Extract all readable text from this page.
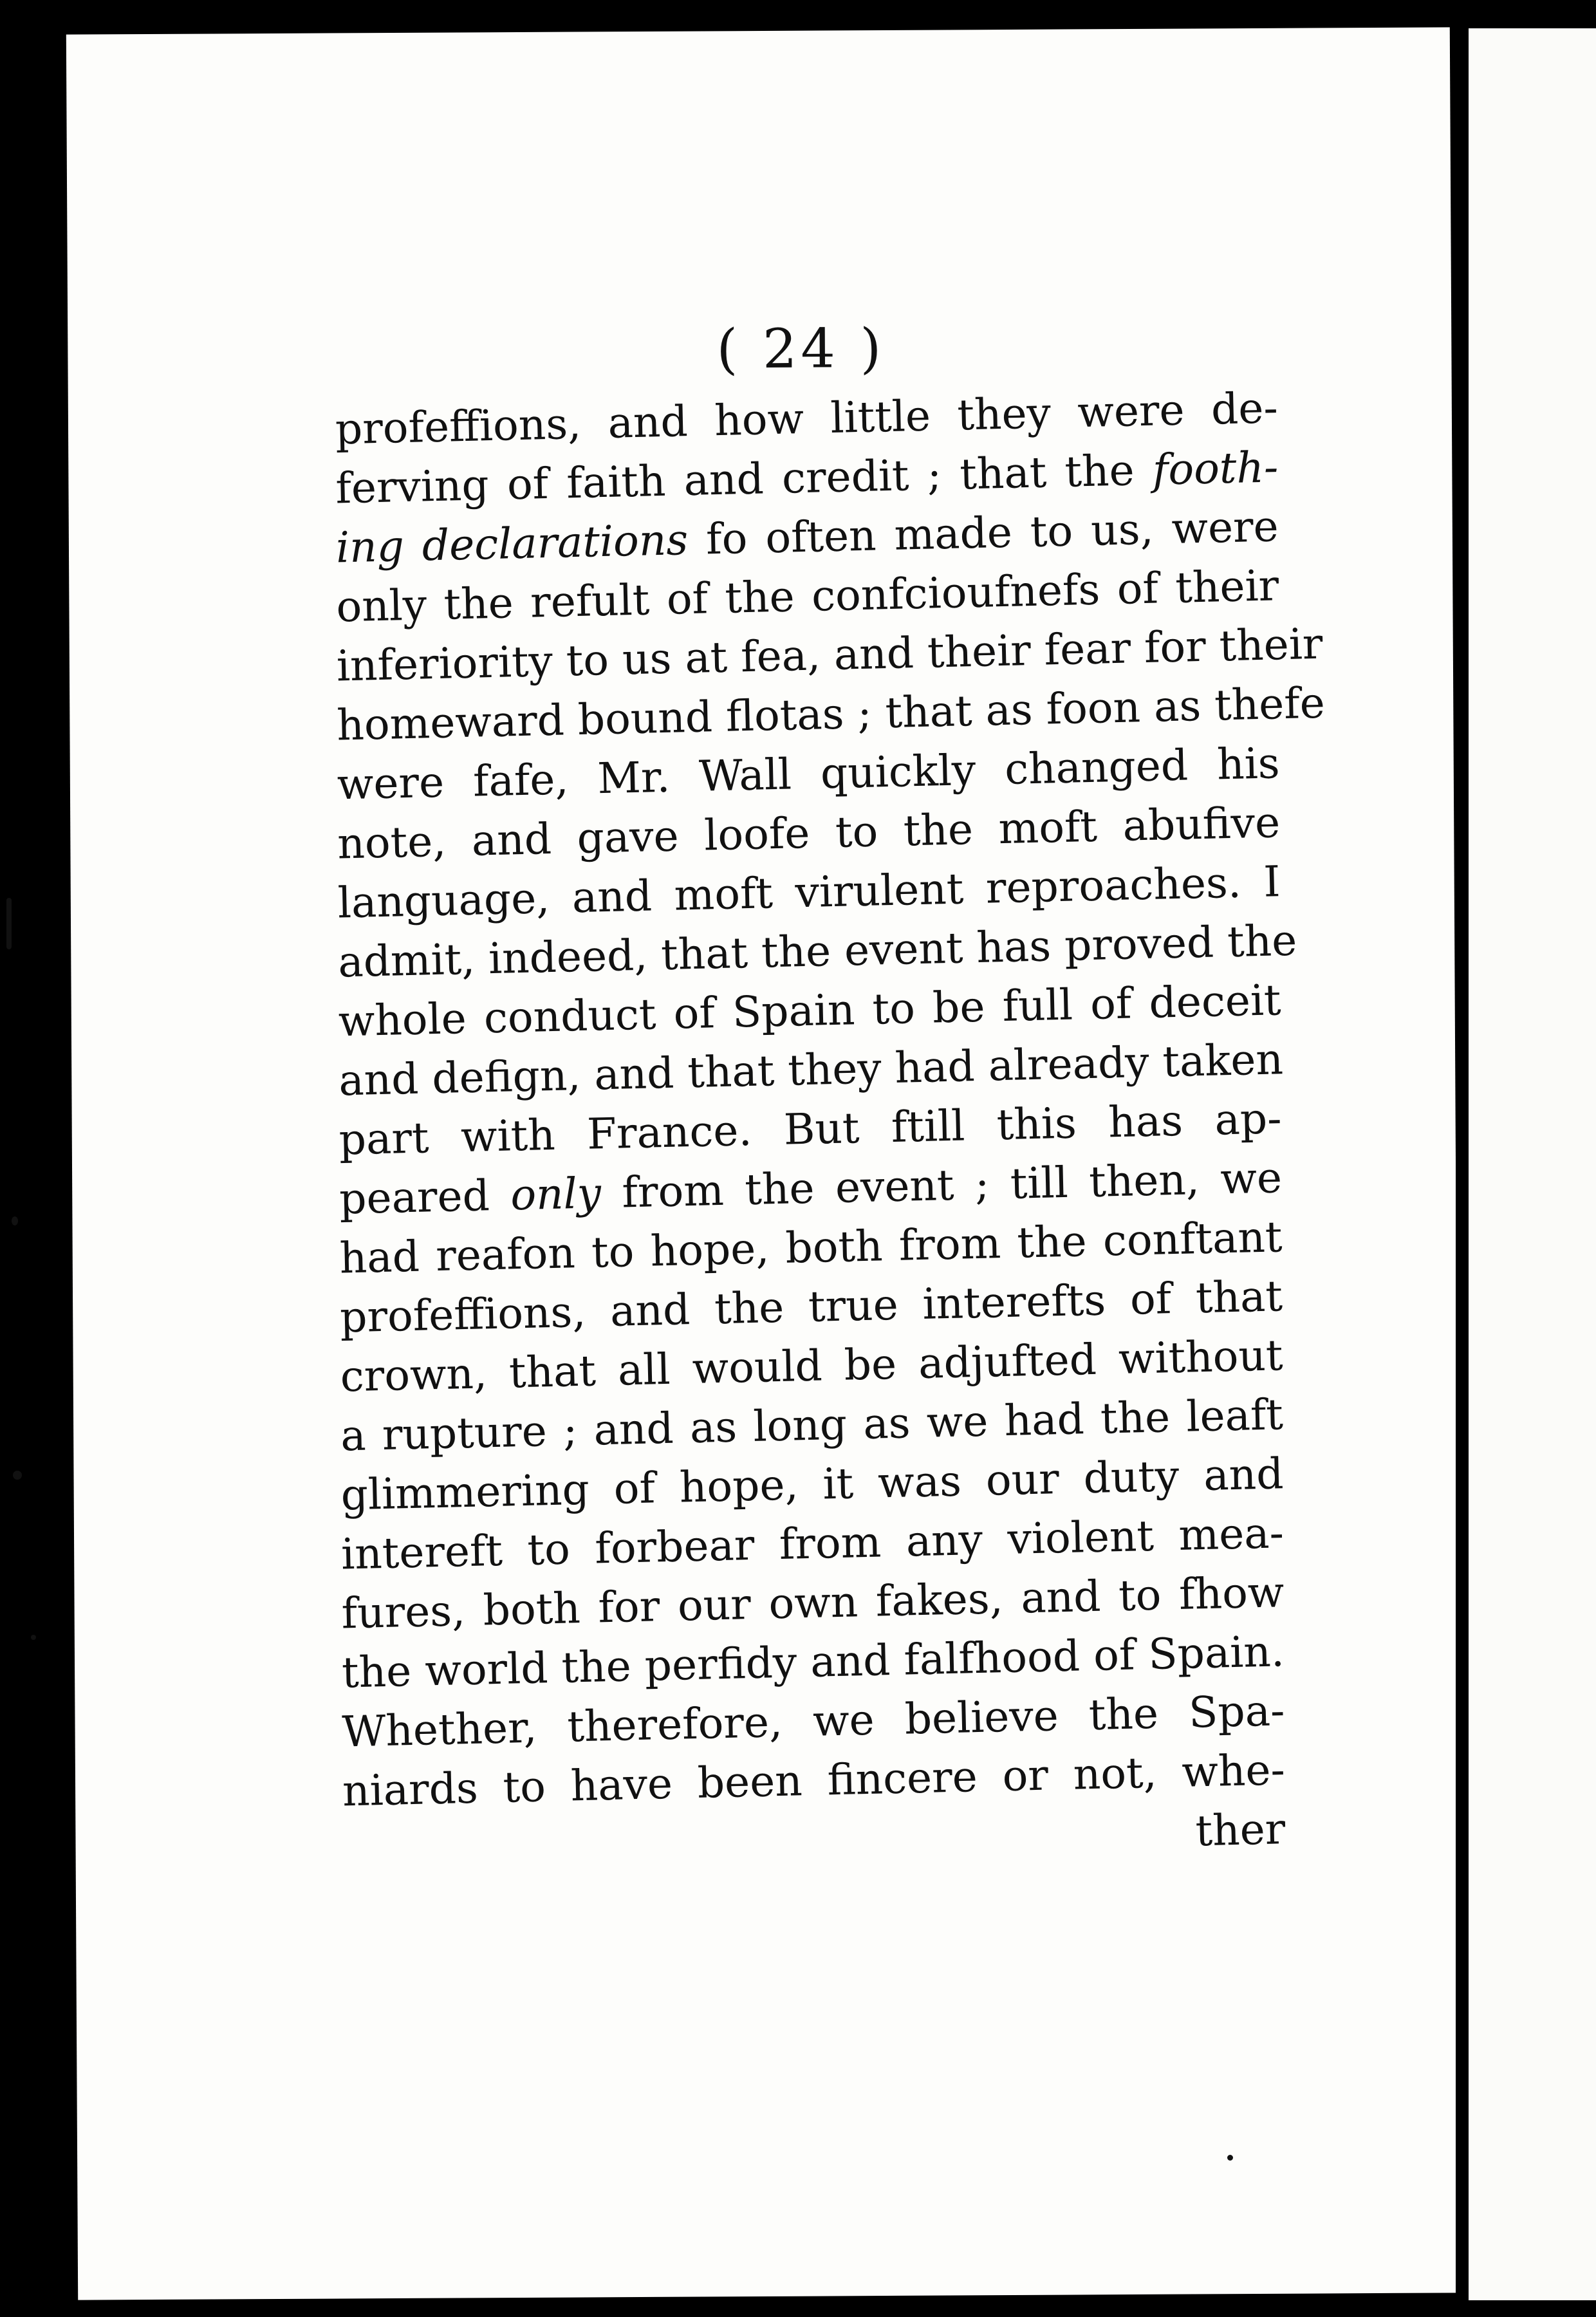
( 24 )
profeffions, and how little they were de-
ferving of faith and credit ; that the footh-
ing declarations fo often made to us, were
only the refult of the confcioufnefs of their
inferiority to us at fea, and their fear for their
homeward bound flotas ; that as foon as thefe
were fafe, Mr. Wall quickly changed his
note, and gave loofe to the moft abufive
language, and moft virulent reproaches. I
admit, indeed, that the event has proved the
whole conduct of Spain to be full of deceit
and defign, and that they had already taken
part with France. But ftill this has ap-
peared only from the event ; till then, we
had reafon to hope, both from the conftant
profeffions, and the true interefts of that
crown, that all would be adjufted without
a rupture ; and as long as we had the leaft
glimmering of hope, it was our duty and
intereft to forbear from any violent mea-
fures, both for our own fakes, and to fhow
the world the perfidy and falfhood of Spain.
Whether, therefore, we believe the Spa-
niards to have been fincere or not, whe-
ther
